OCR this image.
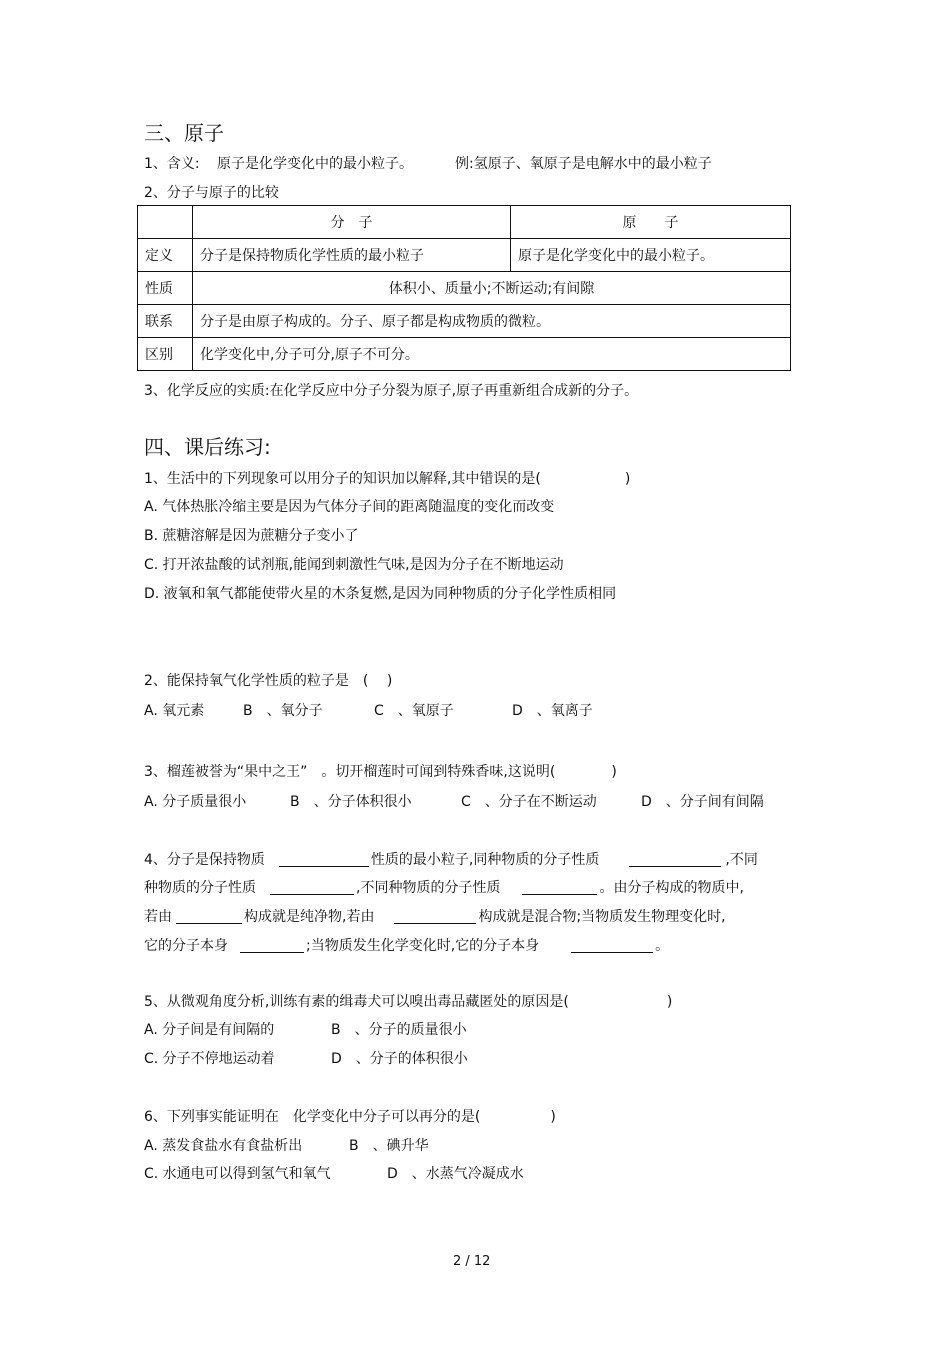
三、原子
1、含义: 原子是化学变化中的最小粒子。	例:氢原子、氧原子是电解水中的最小粒子
2、分子与原子的比较
	分　子	原　　子
定义	分子是保持物质化学性质的最小粒子	原子是化学变化中的最小粒子。
性质	体积小、质量小;不断运动;有间隙	
联系	分子是由原子构成的。分子、原子都是构成物质的微粒。	
区别	化学变化中,分子可分,原子不可分。	
3、化学反应的实质:在化学反应中分子分裂为原子,原子再重新组合成新的分子。
四、课后练习:
1、生活中的下列现象可以用分子的知识加以解释,其中错误的是(　　　　　　)
A. 气体热胀冷缩主要是因为气体分子间的距离随温度的变化而改变
B. 蔗糖溶解是因为蔗糖分子变小了
C. 打开浓盐酸的试剂瓶,能闻到刺激性气味,是因为分子在不断地运动
D. 液氧和氧气都能使带火星的木条复燃,是因为同种物质的分子化学性质相同
2、能保持氧气化学性质的粒子是　(　 )
A. 氧元素	B　、氧分子	C　、氧原子	D　、氧离子
3、榴莲被誉为“果中之王”　。切开榴莲时可闻到特殊香味,这说明(　　　　)
A. 分子质量很小	B　、分子体积很小	C　、分子在不断运动	D　、分子间有间隔
4、分子是保持物质	性质的最小粒子,同种物质的分子性质	,不同
种物质的分子性质	,不同种物质的分子性质	。由分子构成的物质中,
若由	构成就是纯净物,若由	构成就是混合物;当物质发生物理变化时,
它的分子本身	;当物质发生化学变化时,它的分子本身	。
5、从微观角度分析,训练有素的缉毒犬可以嗅出毒品藏匿处的原因是(　　　　　　　)
A. 分子间是有间隔的	B　、分子的质量很小
C. 分子不停地运动着	D　、分子的体积很小
6、下列事实能证明在　化学变化中分子可以再分的是(　　　　　)
A. 蒸发食盐水有食盐析出	B　、碘升华
C. 水通电可以得到氢气和氧气	D　、水蒸气冷凝成水
2 / 12
